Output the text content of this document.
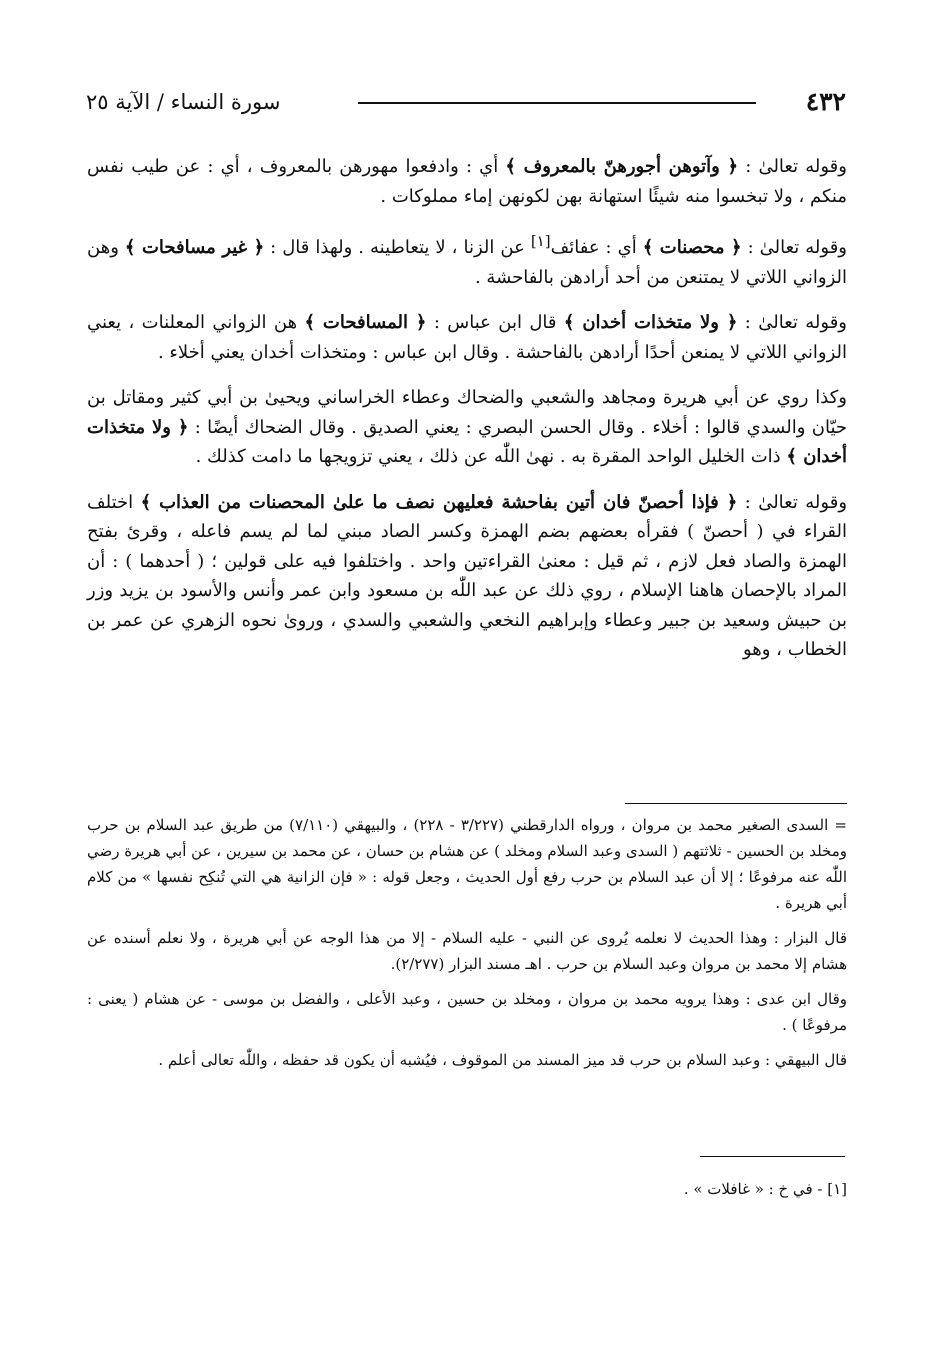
٤٣٢
سورة النساء / الآية ٢٥

وقوله تعالىٰ : ﴿ وآتوهن أجورهنّ بالمعروف ﴾ أي : وادفعوا مهورهن بالمعروف ، أي : عن طيب نفس منكم ، ولا تبخسوا منه شيئًا استهانة بهن لكونهن إماء مملوكات .

وقوله تعالىٰ : ﴿ محصنات ﴾ أي : عفائف[١] عن الزنا ، لا يتعاطينه . ولهذا قال : ﴿ غير مسافحات ﴾ وهن الزواني اللاتي لا يمتنعن من أحد أرادهن بالفاحشة .

وقوله تعالىٰ : ﴿ ولا متخذات أخدان ﴾ قال ابن عباس : ﴿ المسافحات ﴾ هن الزواني المعلنات ، يعني الزواني اللاتي لا يمنعن أحدًا أرادهن بالفاحشة . وقال ابن عباس : ومتخذات أخدان يعني أخلاء .

وكذا روي عن أبي هريرة ومجاهد والشعبي والضحاك وعطاء الخراساني ويحيىٰ بن أبي كثير ومقاتل بن حيّان والسدي قالوا : أخلاء . وقال الحسن البصري : يعني الصديق . وقال الضحاك أيضًا : ﴿ ولا متخذات أخدان ﴾ ذات الخليل الواحد المقرة به . نهىٰ اللّٰه عن ذلك ، يعني تزويجها ما دامت كذلك .

وقوله تعالىٰ : ﴿ فإذا أحصنّ فان أتين بفاحشة فعليهن نصف ما علىٰ المحصنات من العذاب ﴾ اختلف القراء في ( أحصنّ ) فقرأه بعضهم بضم الهمزة وكسر الصاد مبني لما لم يسم فاعله ، وقرئ بفتح الهمزة والصاد فعل لازم ، ثم قيل : معنىٰ القراءتين واحد . واختلفوا فيه على قولين ؛ ( أحدهما ) : أن المراد بالإحصان هاهنا الإسلام ، روي ذلك عن عبد اللّٰه بن مسعود وابن عمر وأنس والأسود بن يزيد وزر بن حبيش وسعيد بن جبير وعطاء وإبراهيم النخعي والشعبي والسدي ، ورویٰ نحوه الزهري عن عمر بن الخطاب ، وهو

= السدى الصغير محمد بن مروان ، ورواه الدارقطني (٣/٢٢٧ - ٢٢٨) ، والبيهقي (٧/١١٠) من طريق عبد السلام بن حرب ومخلد بن الحسين - ثلاثتهم ( السدى وعبد السلام ومخلد ) عن هشام بن حسان ، عن محمد بن سيرين ، عن أبي هريرة رضي اللّٰه عنه مرفوعًا ؛ إلا أن عبد السلام بن حرب رفع أول الحديث ، وجعل قوله : « فإن الزانية هي التي تُنكِح نفسها » من كلام أبي هريرة .

قال البزار : وهذا الحديث لا نعلمه يُروى عن النبي - عليه السلام - إلا من هذا الوجه عن أبي هريرة ، ولا نعلم أسنده عن هشام إلا محمد بن مروان وعبد السلام بن حرب . اهـ مسند البزار (٢/٢٧٧).

وقال ابن عدى : وهذا يرويه محمد بن مروان ، ومخلد بن حسين ، وعبد الأعلى ، والفضل بن موسى - عن هشام ( يعنى : مرفوعًا ) .

قال البيهقي : وعبد السلام بن حرب قد ميز المسند من الموقوف ، فيُشبه أن يكون قد حفظه ، واللّٰه تعالى أعلم .

[١] - في خ : « غافلات » .
